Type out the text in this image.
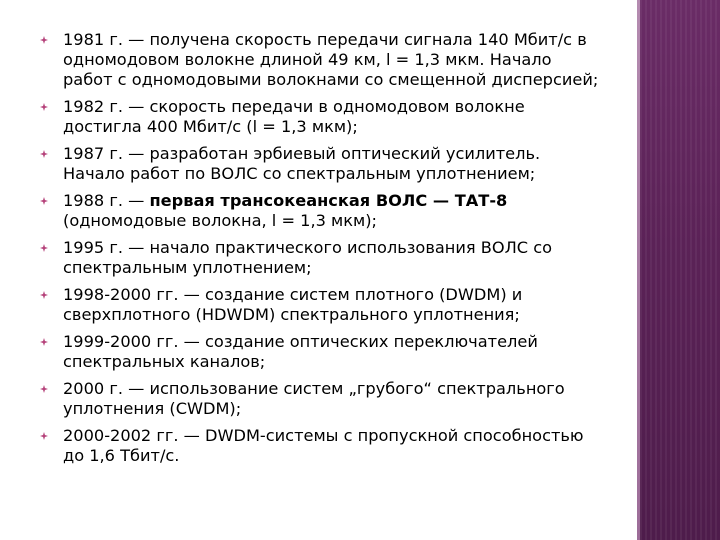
1981 г. — получена скорость передачи сигнала 140 Мбит/с в одномодовом волокне длиной 49 км, l = 1,3 мкм. Начало работ с одномодовыми волокнами со смещенной дисперсией;
1982 г. — скорость передачи в одномодовом волокне достигла 400 Мбит/с (l = 1,3 мкм);
1987 г. — разработан эрбиевый оптический усилитель. Начало работ по ВОЛС со спектральным уплотнением;
1988 г. — первая трансокеанская ВОЛС — ТАТ-8 (одномодовые волокна, l = 1,3 мкм);
1995 г. — начало практического использования ВОЛС со спектральным уплотнением;
1998-2000 гг. — создание систем плотного (DWDM) и сверхплотного (HDWDM) спектрального уплотнения;
1999-2000 гг. — создание оптических переключателей спектральных каналов;
2000 г. — использование систем „грубого“ спектрального уплотнения (CWDM);
2000-2002 гг. — DWDM-системы с пропускной способностью до 1,6 Тбит/с.
